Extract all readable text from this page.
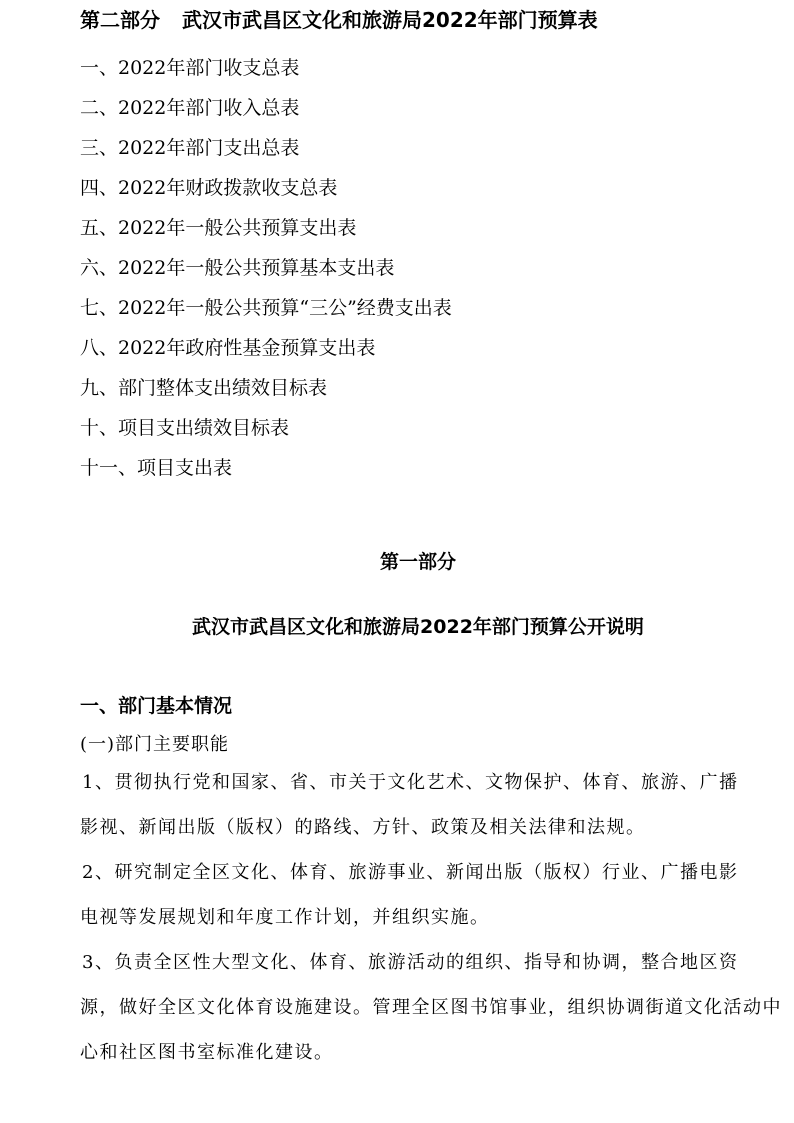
第二部分 武汉市武昌区文化和旅游局2022年部门预算表
一、2022年部门收支总表
二、2022年部门收入总表
三、2022年部门支出总表
四、2022年财政拨款收支总表
五、2022年一般公共预算支出表
六、2022年一般公共预算基本支出表
七、2022年一般公共预算“三公”经费支出表
八、2022年政府性基金预算支出表
九、部门整体支出绩效目标表
十、项目支出绩效目标表
十一、项目支出表
第一部分
武汉市武昌区文化和旅游局2022年部门预算公开说明
一、部门基本情况
(一)部门主要职能

1、贯彻执行党和国家、省、市关于文化艺术、文物保护、体育、旅游、广播
影视、新闻出版（版权）的路线、方针、政策及相关法律和法规。

2、研究制定全区文化、体育、旅游事业、新闻出版（版权）行业、广播电影
电视等发展规划和年度工作计划，并组织实施。

3、负责全区性大型文化、体育、旅游活动的组织、指导和协调，整合地区资
源，做好全区文化体育设施建设。管理全区图书馆事业，组织协调街道文化活动中
心和社区图书室标准化建设。
